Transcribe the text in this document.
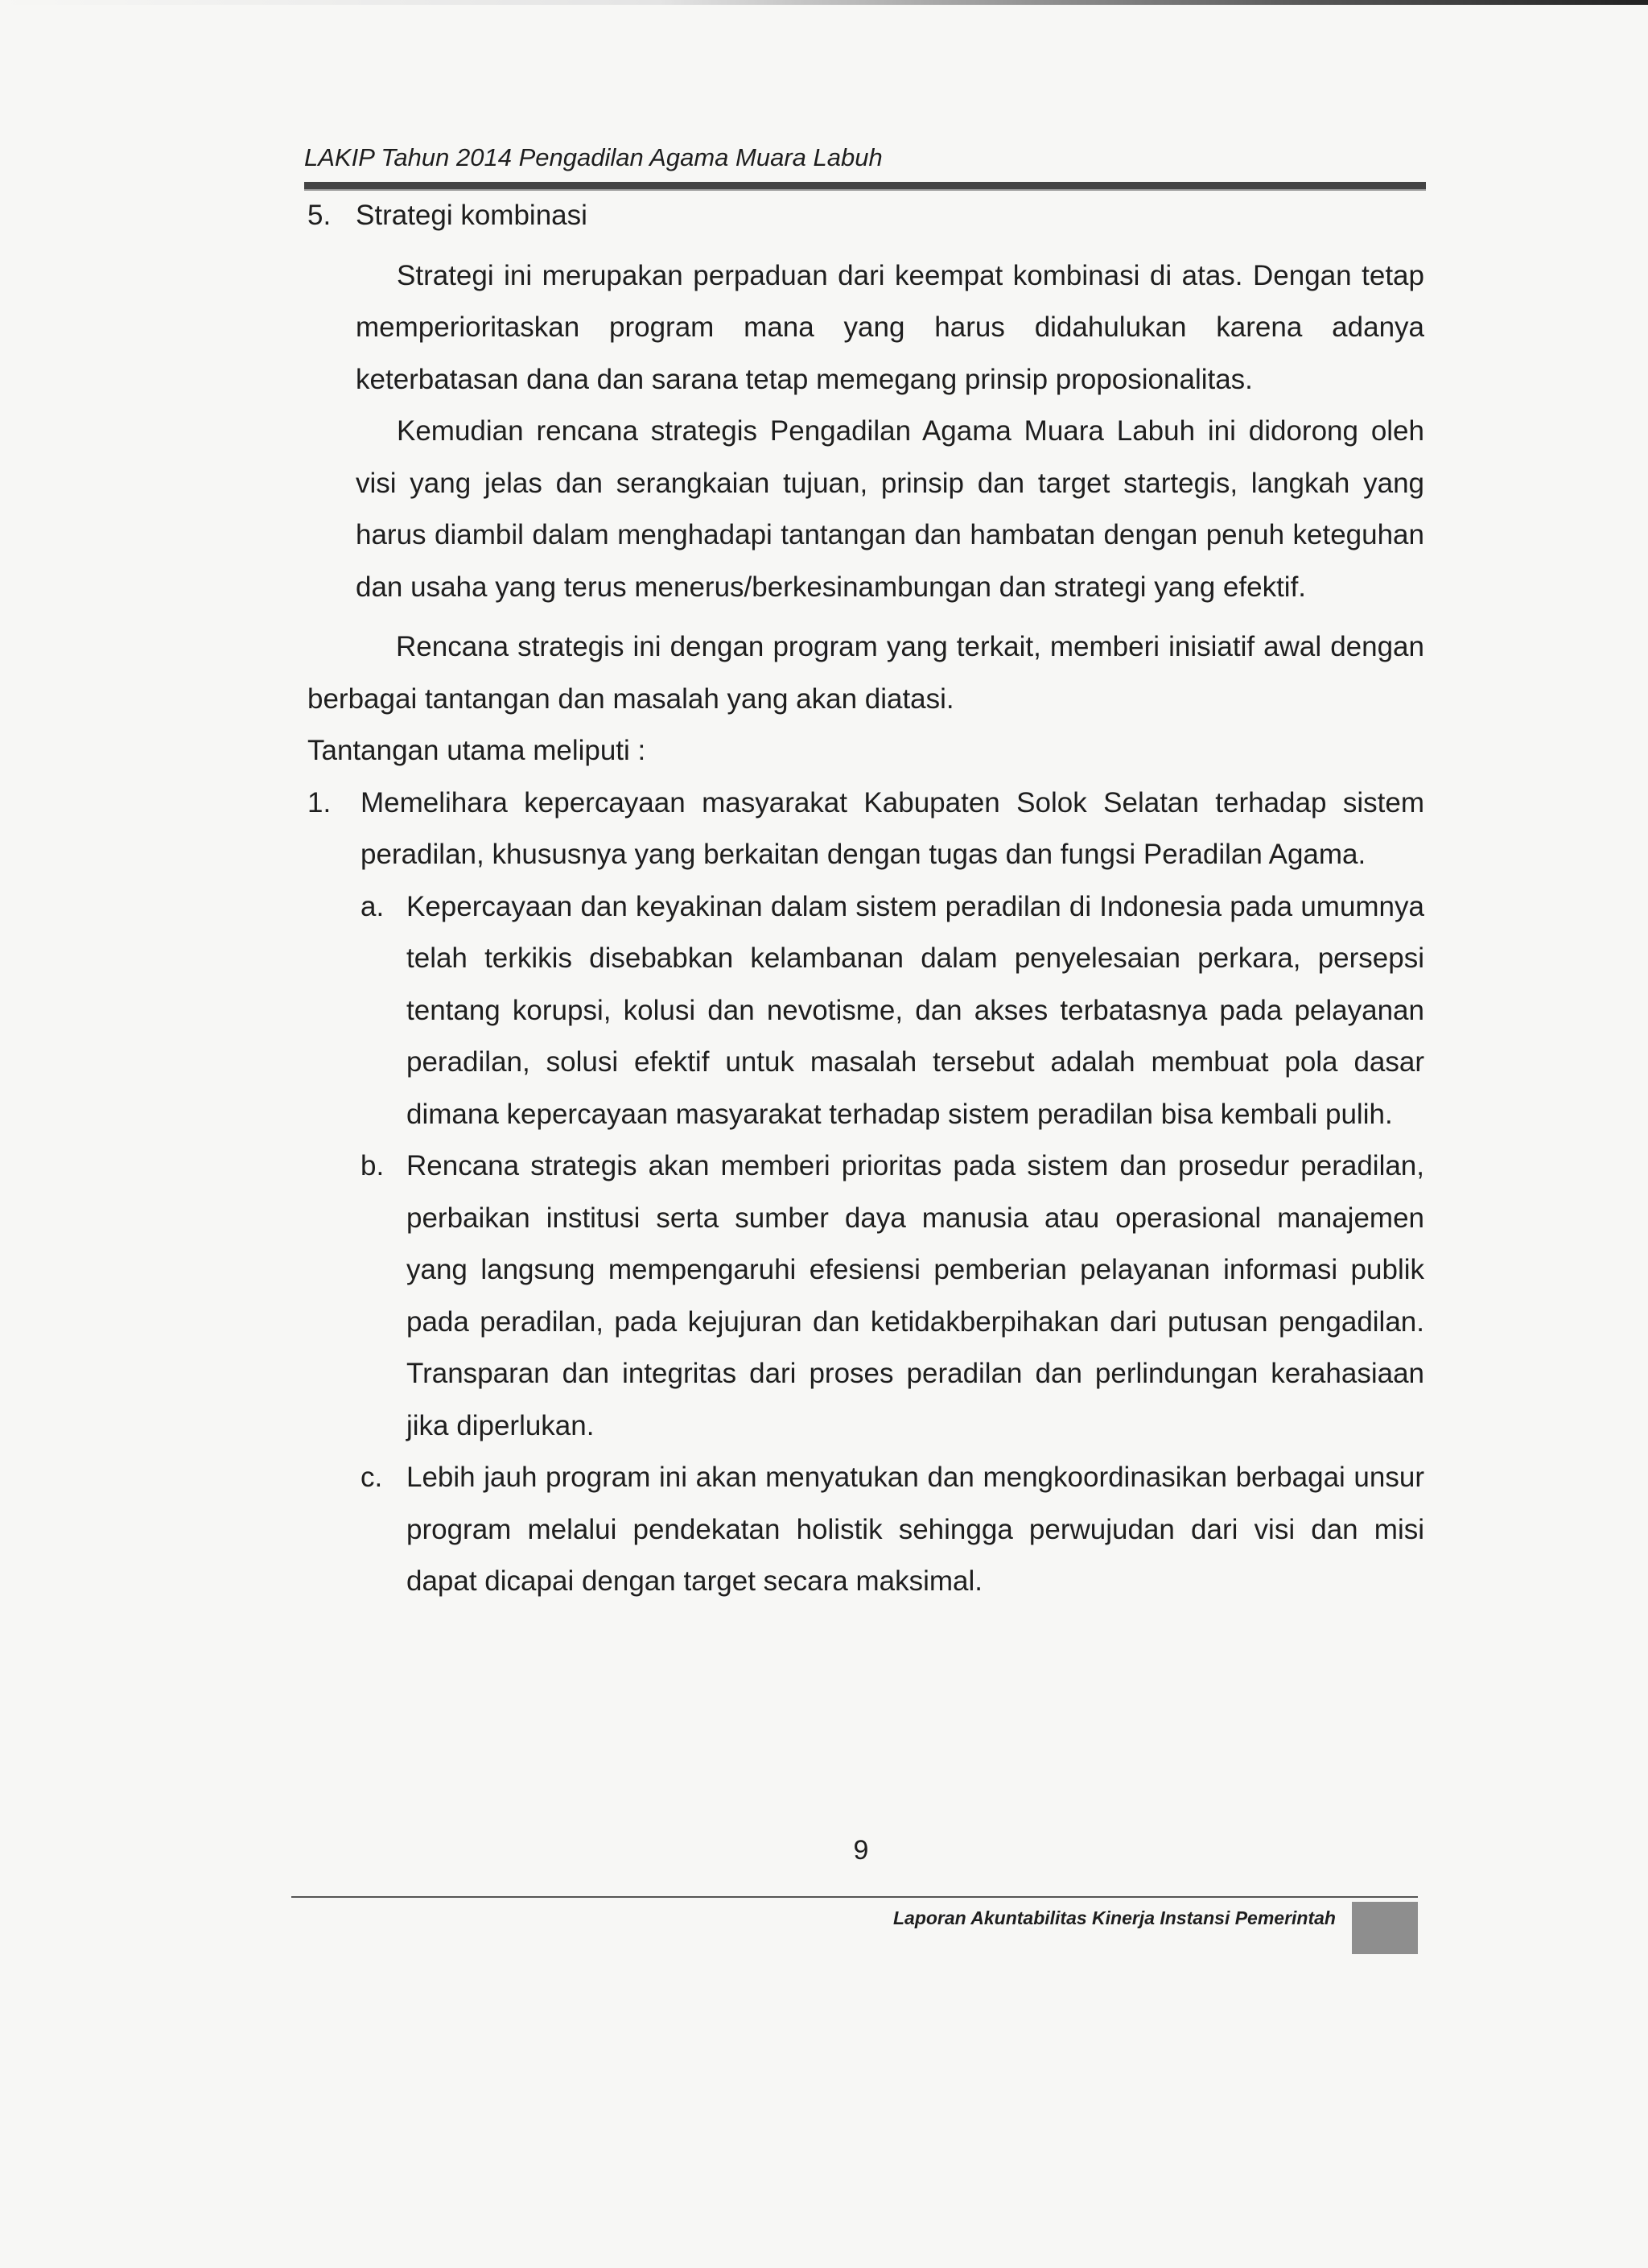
LAKIP Tahun 2014 Pengadilan Agama Muara Labuh
5. Strategi kombinasi

Strategi ini merupakan perpaduan dari keempat kombinasi di atas. Dengan tetap memperioritaskan program mana yang harus didahulukan karena adanya keterbatasan dana dan sarana tetap memegang prinsip proposionalitas.

Kemudian rencana strategis Pengadilan Agama Muara Labuh ini didorong oleh visi yang jelas dan serangkaian tujuan, prinsip dan target startegis, langkah yang harus diambil dalam menghadapi tantangan dan hambatan dengan penuh keteguhan dan usaha yang terus menerus/berkesinambungan dan strategi yang efektif.

Rencana strategis ini dengan program yang terkait, memberi inisiatif awal dengan berbagai tantangan dan masalah yang akan diatasi.

Tantangan utama meliputi :

1.	Memelihara kepercayaan masyarakat Kabupaten Solok Selatan terhadap sistem peradilan, khususnya yang berkaitan dengan tugas dan fungsi Peradilan Agama.
a. Kepercayaan dan keyakinan dalam sistem peradilan di Indonesia pada umumnya telah terkikis disebabkan kelambanan dalam penyelesaian perkara, persepsi tentang korupsi, kolusi dan nevotisme, dan akses terbatasnya pada pelayanan peradilan, solusi efektif untuk masalah tersebut adalah membuat pola dasar dimana kepercayaan masyarakat terhadap sistem peradilan bisa kembali pulih.
b. Rencana strategis akan memberi prioritas pada sistem dan prosedur peradilan, perbaikan institusi serta sumber daya manusia atau operasional manajemen yang langsung mempengaruhi efesiensi pemberian pelayanan informasi publik pada peradilan, pada kejujuran dan ketidakberpihakan dari putusan pengadilan. Transparan dan integritas dari proses peradilan dan perlindungan kerahasiaan jika diperlukan.
c. Lebih jauh program ini akan menyatukan dan mengkoordinasikan berbagai unsur program melalui pendekatan holistik sehingga perwujudan dari visi dan misi dapat dicapai dengan target secara maksimal.
9
Laporan Akuntabilitas Kinerja Instansi Pemerintah
